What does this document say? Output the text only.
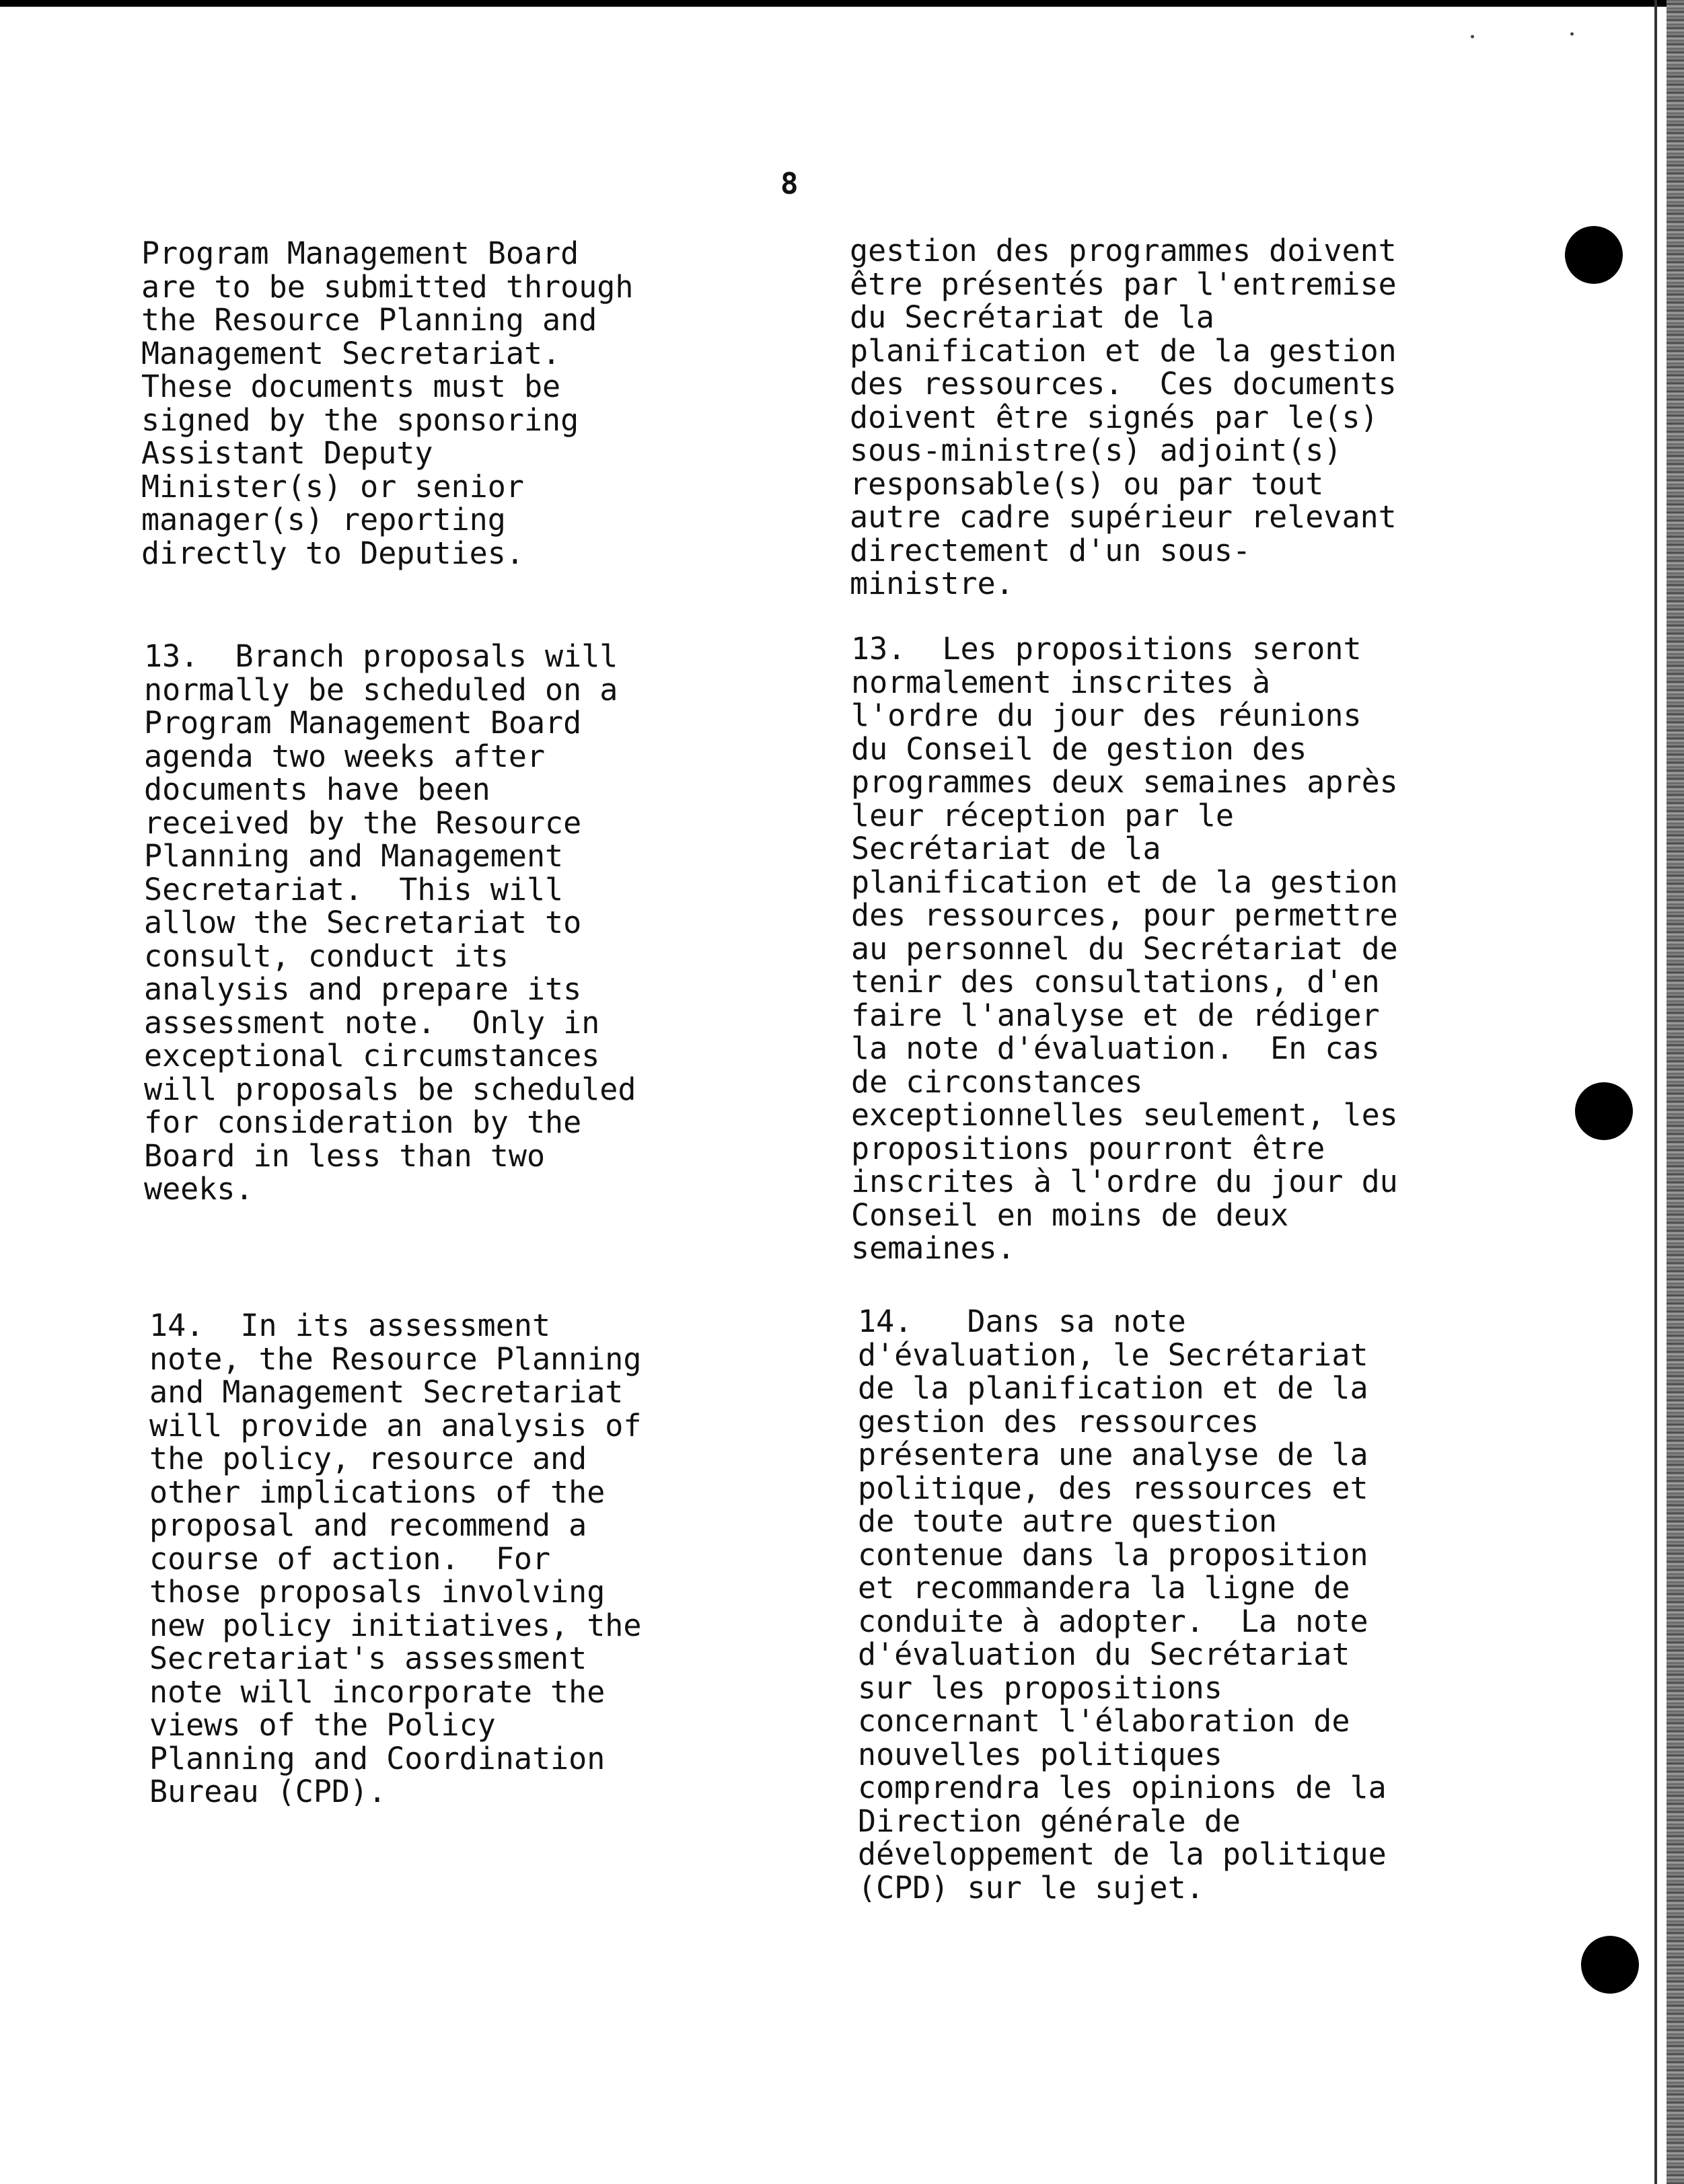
8

Program Management Board
are to be submitted through
the Resource Planning and
Management Secretariat.
These documents must be
signed by the sponsoring
Assistant Deputy
Minister(s) or senior
manager(s) reporting
directly to Deputies.

13.  Branch proposals will
normally be scheduled on a
Program Management Board
agenda two weeks after
documents have been
received by the Resource
Planning and Management
Secretariat.  This will
allow the Secretariat to
consult, conduct its
analysis and prepare its
assessment note.  Only in
exceptional circumstances
will proposals be scheduled
for consideration by the
Board in less than two
weeks.

14.  In its assessment
note, the Resource Planning
and Management Secretariat
will provide an analysis of
the policy, resource and
other implications of the
proposal and recommend a
course of action.  For
those proposals involving
new policy initiatives, the
Secretariat's assessment
note will incorporate the
views of the Policy
Planning and Coordination
Bureau (CPD).

gestion des programmes doivent
être présentés par l'entremise
du Secrétariat de la
planification et de la gestion
des ressources.  Ces documents
doivent être signés par le(s)
sous-ministre(s) adjoint(s)
responsable(s) ou par tout
autre cadre supérieur relevant
directement d'un sous-
ministre.

13.  Les propositions seront
normalement inscrites à
l'ordre du jour des réunions
du Conseil de gestion des
programmes deux semaines après
leur réception par le
Secrétariat de la
planification et de la gestion
des ressources, pour permettre
au personnel du Secrétariat de
tenir des consultations, d'en
faire l'analyse et de rédiger
la note d'évaluation.  En cas
de circonstances
exceptionnelles seulement, les
propositions pourront être
inscrites à l'ordre du jour du
Conseil en moins de deux
semaines.

14.   Dans sa note
d'évaluation, le Secrétariat
de la planification et de la
gestion des ressources
présentera une analyse de la
politique, des ressources et
de toute autre question
contenue dans la proposition
et recommandera la ligne de
conduite à adopter.  La note
d'évaluation du Secrétariat
sur les propositions
concernant l'élaboration de
nouvelles politiques
comprendra les opinions de la
Direction générale de
développement de la politique
(CPD) sur le sujet.
